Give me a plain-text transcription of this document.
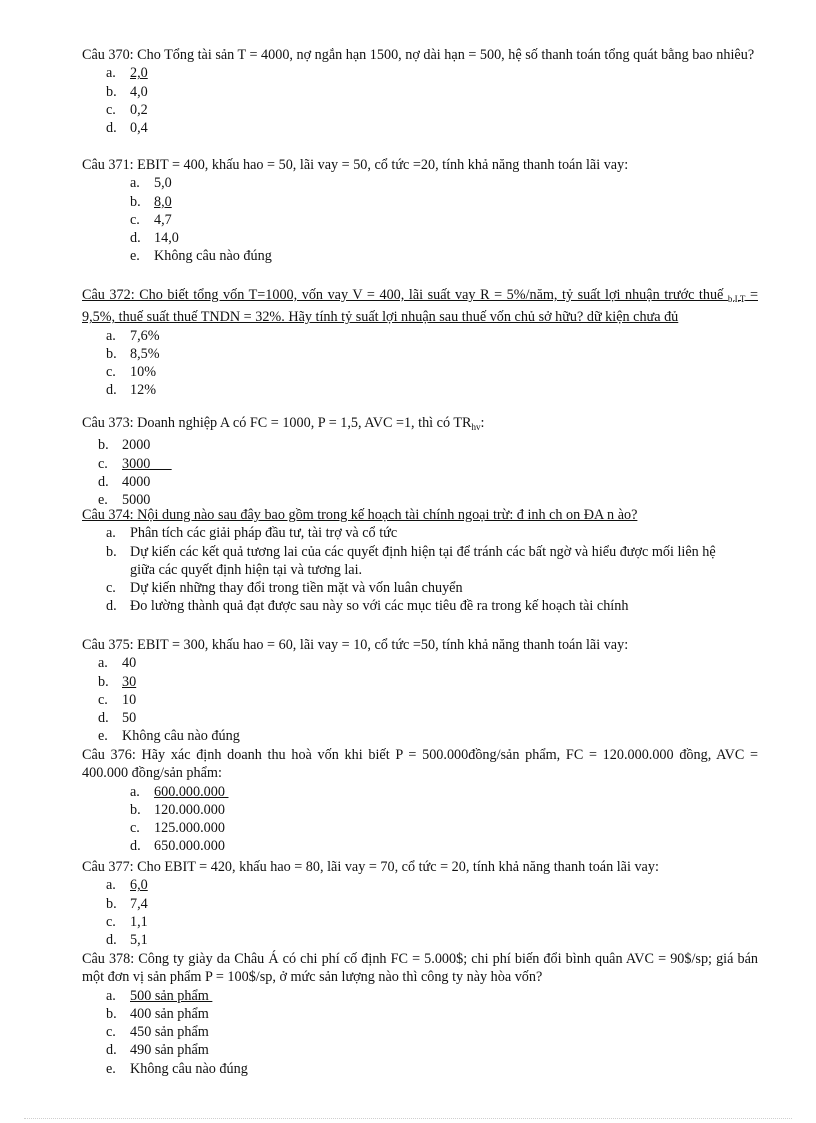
Câu 370: Cho Tổng tài sản T = 4000, nợ ngắn hạn 1500, nợ dài hạn = 500, hệ số thanh toán tổng quát bằng bao nhiêu?

a. 2,0
b. 4,0
c. 0,2
d. 0,4

Câu 371: EBIT = 400, khấu hao = 50, lãi vay = 50, cổ tức =20, tính khả năng thanh toán lãi vay:

a. 5,0
b. 8,0
c. 4,7
d. 14,0
e. Không câu nào đúng

Câu 372: Cho biết tổng vốn T=1000, vốn vay V = 400, lãi suất vay R = 5%/năm, tỷ suất lợi nhuận trước thuế $_{b.I.T}$ = 9,5%, thuế suất thuế TNDN = 32%. Hãy tính tỷ suất lợi nhuận sau thuế vốn chủ sở hữu? dữ kiện chưa đủ

a. 7,6%
b. 8,5%
c. 10%
d. 12%

Câu 373: Doanh nghiệp A có FC = 1000, P = 1,5, AVC =1, thì có $TR_{hv}$:

b. 2000
c. 3000
d. 4000
e. 5000

Câu 374: Nội dung nào sau đây bao gồm trong kế hoạch tài chính ngoại trừ: đ inh ch on ĐA n ào?

a. Phân tích các giải pháp đầu tư, tài trợ và cổ tức
b. Dự kiến các kết quả tương lai của các quyết định hiện tại để tránh các bất ngờ và hiểu được mối liên hệ giữa các quyết định hiện tại và tương lai.
c. Dự kiến những thay đổi trong tiền mặt và vốn luân chuyển
d. Đo lường thành quả đạt được sau này so với các mục tiêu đề ra trong kế hoạch tài chính

Câu 375: EBIT = 300, khấu hao = 60, lãi vay = 10, cổ tức =50, tính khả năng thanh toán lãi vay:

a. 40
b. 30
c. 10
d. 50
e. Không câu nào đúng

Câu 376: Hãy xác định doanh thu hoà vốn khi biết P = 500.000đồng/sản phẩm, FC = 120.000.000 đồng, AVC = 400.000 đồng/sản phẩm:

a. 600.000.000
b. 120.000.000
c. 125.000.000
d. 650.000.000

Câu 377: Cho EBIT = 420, khấu hao = 80, lãi vay = 70, cổ tức = 20, tính khả năng thanh toán lãi vay:

a. 6,0
b. 7,4
c. 1,1
d. 5,1

Câu 378: Công ty giày da Châu Á có chi phí cố định FC = 5.000$; chi phí biến đổi bình quân AVC = 90$/sp; giá bán một đơn vị sản phẩm P = 100$/sp, ở mức sản lượng nào thì công ty này hòa vốn?

a. 500 sản phẩm
b. 400 sản phẩm
c. 450 sản phẩm
d. 490 sản phẩm
e. Không câu nào đúng
